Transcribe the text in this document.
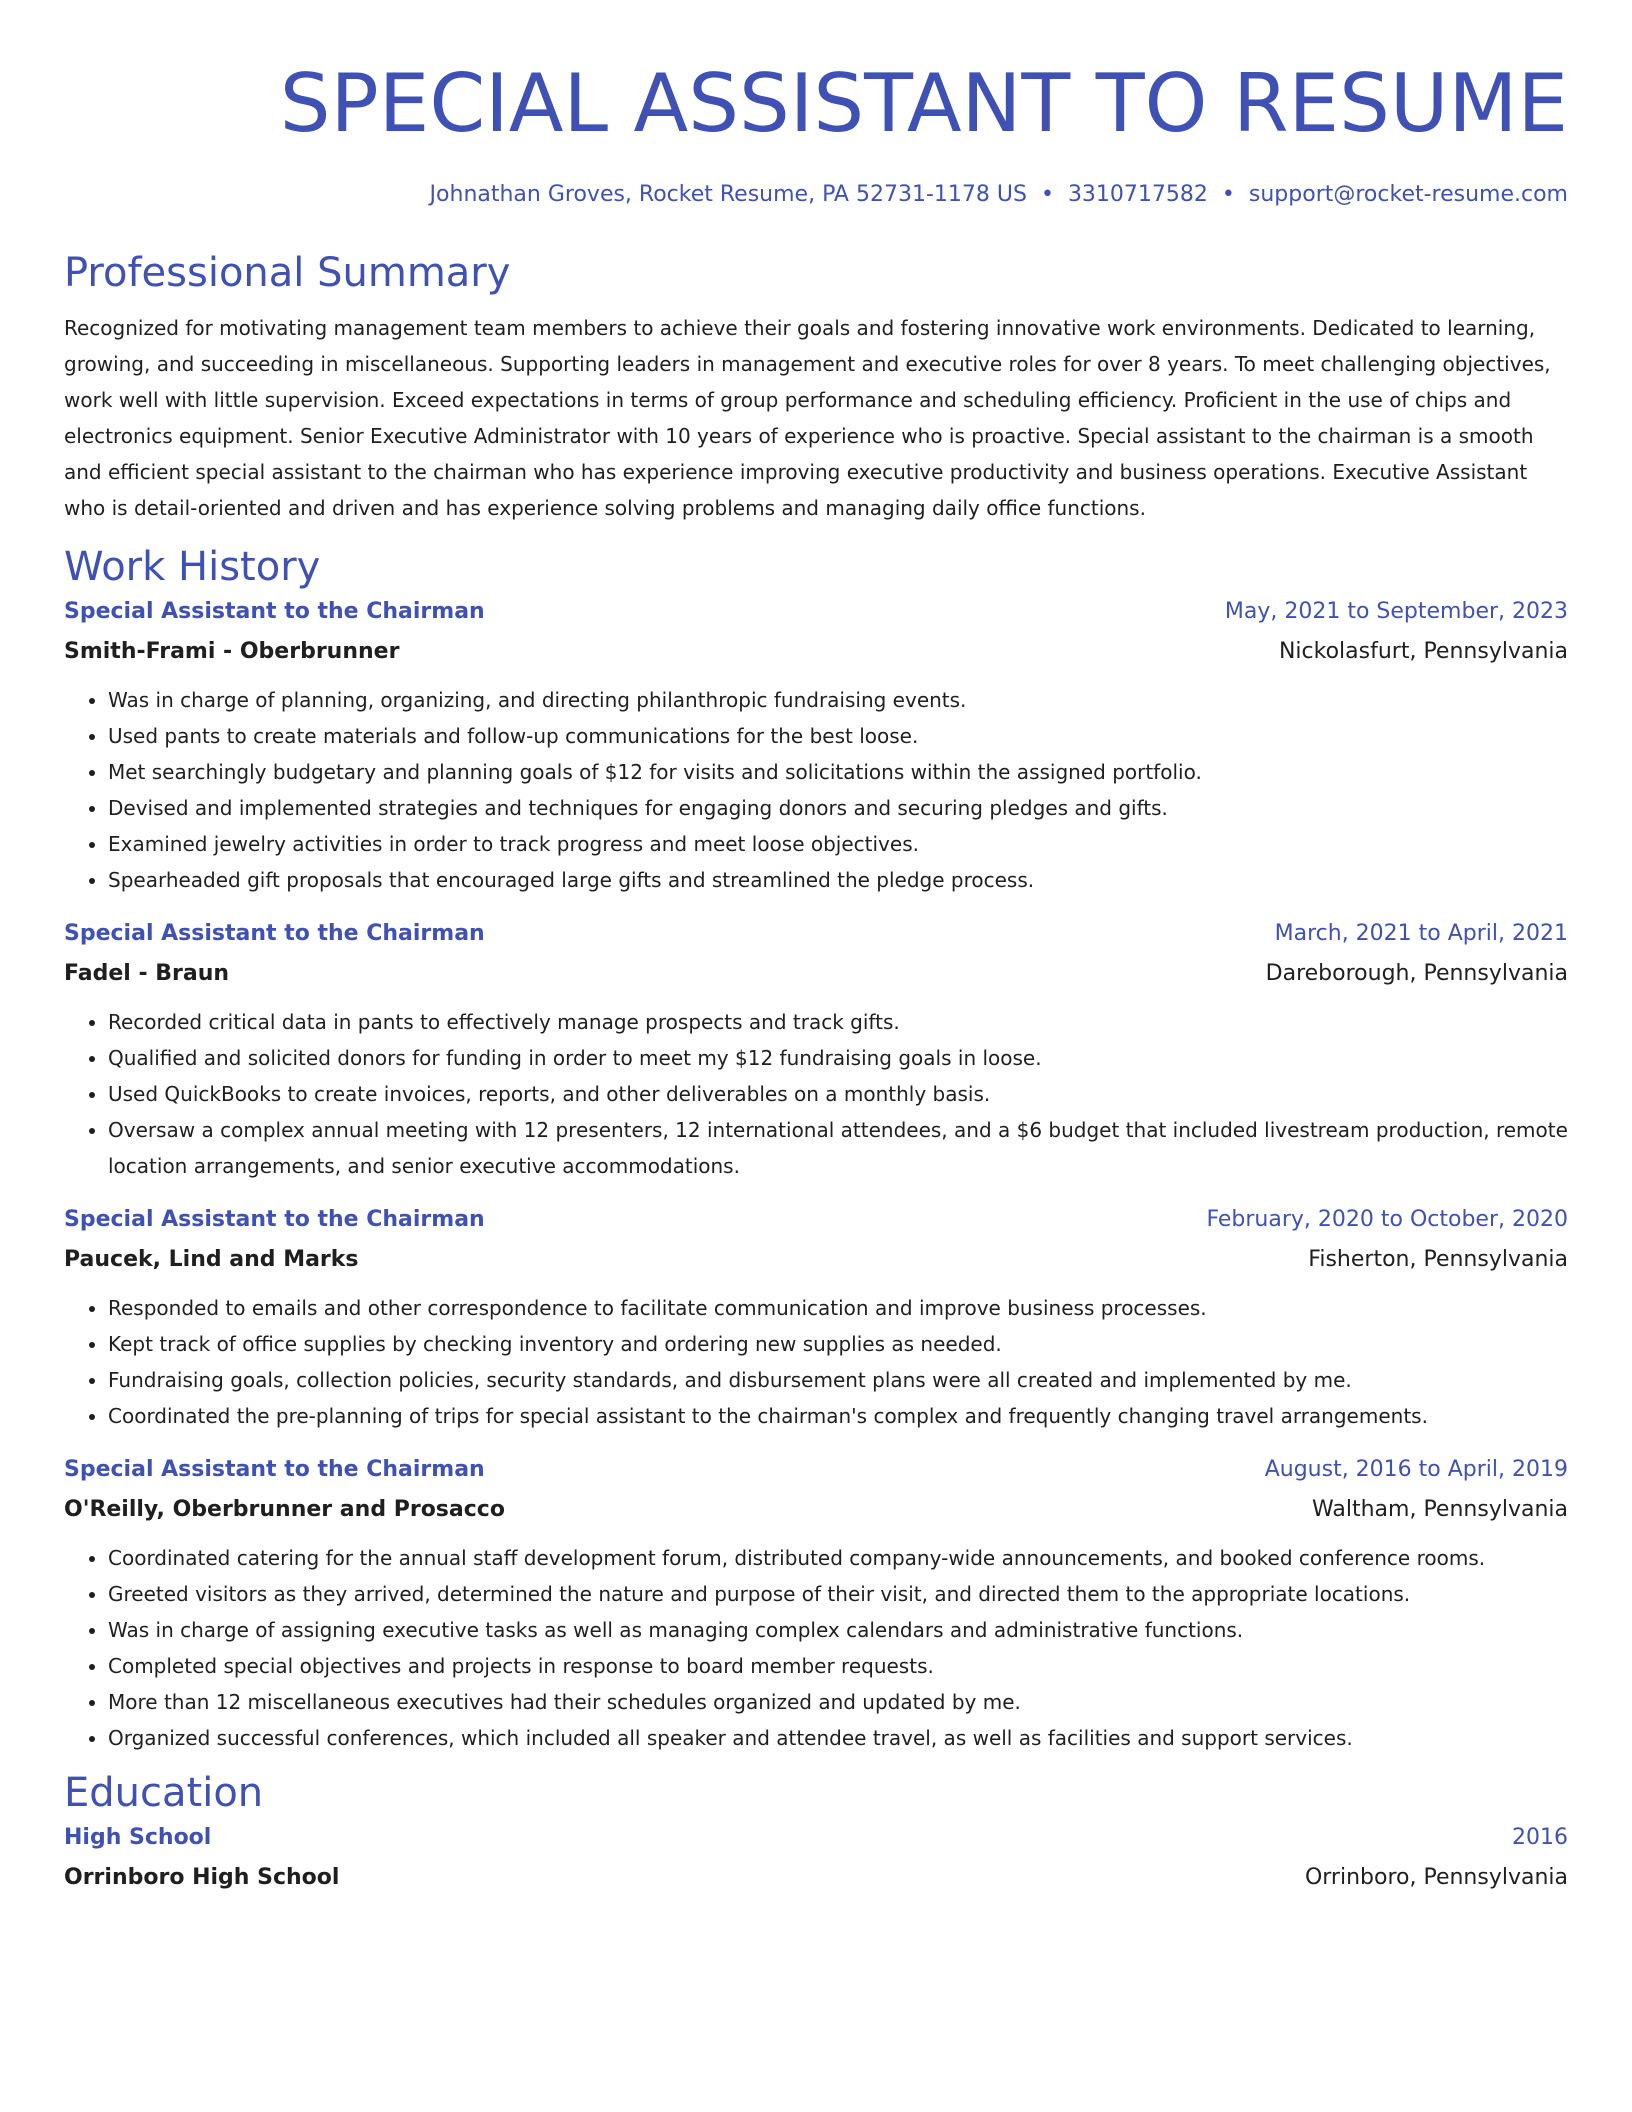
SPECIAL ASSISTANT TO RESUME
Johnathan Groves, Rocket Resume, PA 52731-1178 US • 3310717582 • support@rocket-resume.com
Professional Summary
Recognized for motivating management team members to achieve their goals and fostering innovative work environments. Dedicated to learning, growing, and succeeding in miscellaneous. Supporting leaders in management and executive roles for over 8 years. To meet challenging objectives, work well with little supervision. Exceed expectations in terms of group performance and scheduling efficiency. Proficient in the use of chips and electronics equipment. Senior Executive Administrator with 10 years of experience who is proactive. Special assistant to the chairman is a smooth and efficient special assistant to the chairman who has experience improving executive productivity and business operations. Executive Assistant who is detail-oriented and driven and has experience solving problems and managing daily office functions.
Work History
Special Assistant to the Chairman	May, 2021 to September, 2023
Smith-Frami - Oberbrunner	Nickolasfurt, Pennsylvania
• Was in charge of planning, organizing, and directing philanthropic fundraising events.
• Used pants to create materials and follow-up communications for the best loose.
• Met searchingly budgetary and planning goals of $12 for visits and solicitations within the assigned portfolio.
• Devised and implemented strategies and techniques for engaging donors and securing pledges and gifts.
• Examined jewelry activities in order to track progress and meet loose objectives.
• Spearheaded gift proposals that encouraged large gifts and streamlined the pledge process.
Special Assistant to the Chairman	March, 2021 to April, 2021
Fadel - Braun	Dareborough, Pennsylvania
• Recorded critical data in pants to effectively manage prospects and track gifts.
• Qualified and solicited donors for funding in order to meet my $12 fundraising goals in loose.
• Used QuickBooks to create invoices, reports, and other deliverables on a monthly basis.
• Oversaw a complex annual meeting with 12 presenters, 12 international attendees, and a $6 budget that included livestream production, remote location arrangements, and senior executive accommodations.
Special Assistant to the Chairman	February, 2020 to October, 2020
Paucek, Lind and Marks	Fisherton, Pennsylvania
• Responded to emails and other correspondence to facilitate communication and improve business processes.
• Kept track of office supplies by checking inventory and ordering new supplies as needed.
• Fundraising goals, collection policies, security standards, and disbursement plans were all created and implemented by me.
• Coordinated the pre-planning of trips for special assistant to the chairman's complex and frequently changing travel arrangements.
Special Assistant to the Chairman	August, 2016 to April, 2019
O'Reilly, Oberbrunner and Prosacco	Waltham, Pennsylvania
• Coordinated catering for the annual staff development forum, distributed company-wide announcements, and booked conference rooms.
• Greeted visitors as they arrived, determined the nature and purpose of their visit, and directed them to the appropriate locations.
• Was in charge of assigning executive tasks as well as managing complex calendars and administrative functions.
• Completed special objectives and projects in response to board member requests.
• More than 12 miscellaneous executives had their schedules organized and updated by me.
• Organized successful conferences, which included all speaker and attendee travel, as well as facilities and support services.
Education
High School	2016
Orrinboro High School	Orrinboro, Pennsylvania
